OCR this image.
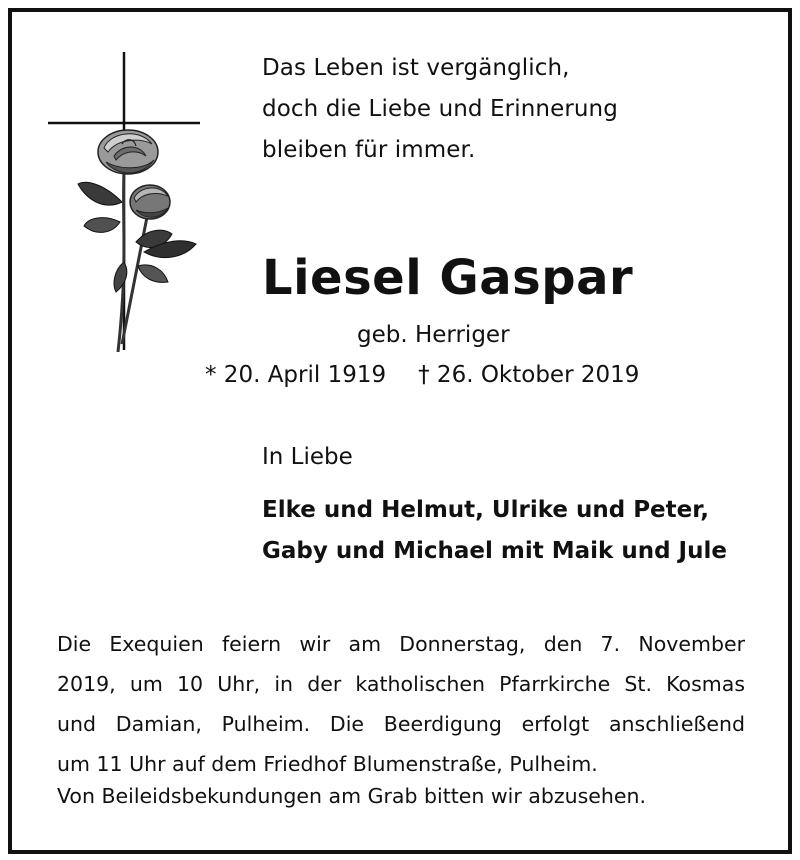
Das Leben ist vergänglich,
doch die Liebe und Erinnerung
bleiben für immer.

Liesel Gaspar
geb. Herriger
* 20. April 1919 † 26. Oktober 2019
In Liebe
Elke und Helmut, Ulrike und Peter,
Gaby und Michael mit Maik und Jule

Die Exequien feiern wir am Donnerstag, den 7. November
2019, um 10 Uhr, in der katholischen Pfarrkirche St. Kosmas
und Damian, Pulheim. Die Beerdigung erfolgt anschließend
um 11 Uhr auf dem Friedhof Blumenstraße, Pulheim.

Von Beileidsbekundungen am Grab bitten wir abzusehen.
